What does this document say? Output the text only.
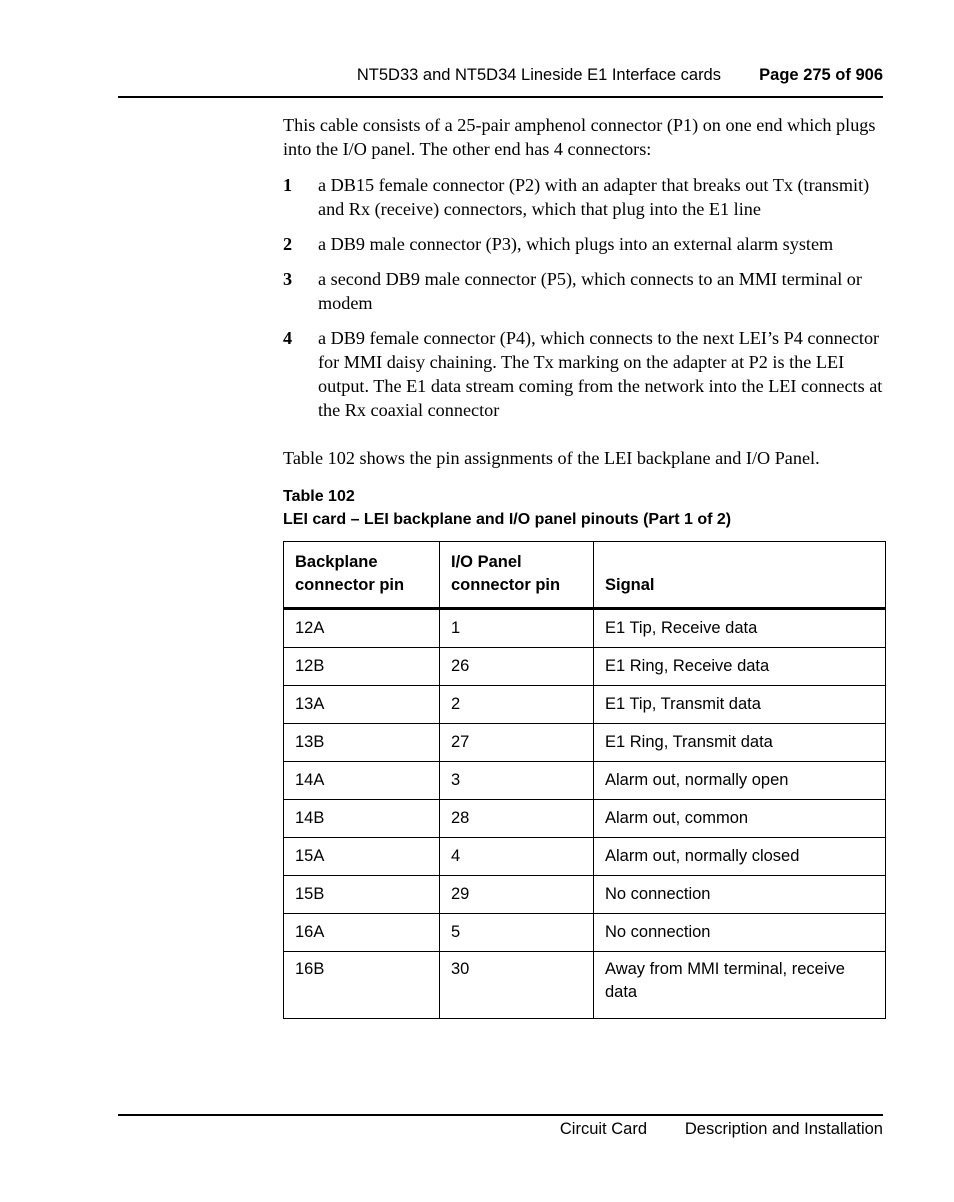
NT5D33 and NT5D34 Lineside E1 Interface cards Page 275 of 906

This cable consists of a 25-pair amphenol connector (P1) on one end which plugs into the I/O panel. The other end has 4 connectors:

1 a DB15 female connector (P2) with an adapter that breaks out Tx (transmit) and Rx (receive) connectors, which that plug into the E1 line
2 a DB9 male connector (P3), which plugs into an external alarm system
3 a second DB9 male connector (P5), which connects to an MMI terminal or modem
4 a DB9 female connector (P4), which connects to the next LEI’s P4 connector for MMI daisy chaining. The Tx marking on the adapter at P2 is the LEI output. The E1 data stream coming from the network into the LEI connects at the Rx coaxial connector

Table 102 shows the pin assignments of the LEI backplane and I/O Panel.

Table 102
LEI card – LEI backplane and I/O panel pinouts (Part 1 of 2)
Backplane connector pin	I/O Panel connector pin	Signal
12A	1	E1 Tip, Receive data
12B	26	E1 Ring, Receive data
13A	2	E1 Tip, Transmit data
13B	27	E1 Ring, Transmit data
14A	3	Alarm out, normally open
14B	28	Alarm out, common
15A	4	Alarm out, normally closed
15B	29	No connection
16A	5	No connection
16B	30	Away from MMI terminal, receive data
Circuit Card Description and Installation
